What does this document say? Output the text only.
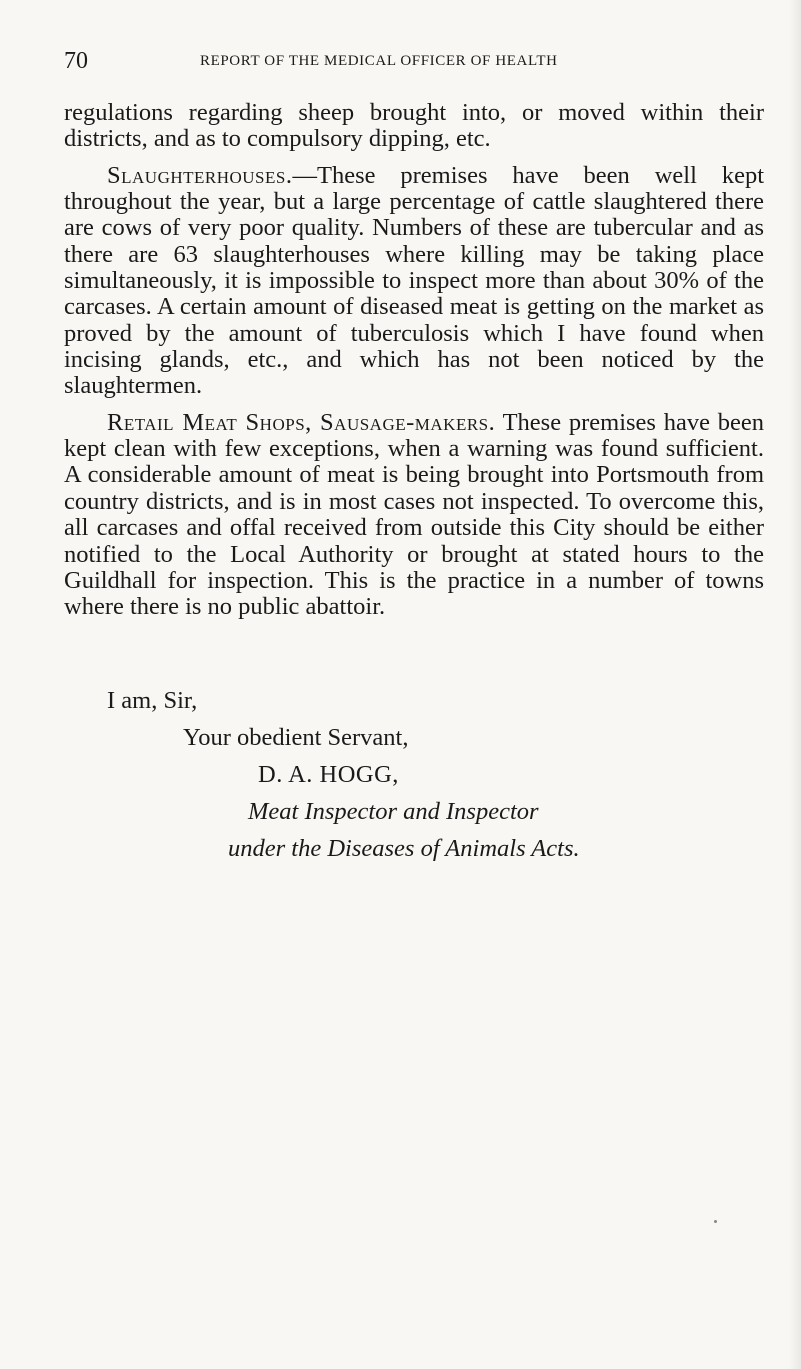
70	REPORT OF THE MEDICAL OFFICER OF HEALTH

regulations regarding sheep brought into, or moved within their districts, and as to compulsory dipping, etc.

Slaughterhouses.—These premises have been well kept throughout the year, but a large percentage of cattle slaughtered there are cows of very poor quality. Numbers of these are tubercular and as there are 63 slaughterhouses where killing may be taking place simultaneously, it is impossible to inspect more than about 30% of the carcases. A certain amount of diseased meat is getting on the market as proved by the amount of tuberculosis which I have found when incising glands, etc., and which has not been noticed by the slaughtermen.

Retail Meat Shops, Sausage-makers. These premises have been kept clean with few exceptions, when a warning was found sufficient. A considerable amount of meat is being brought into Portsmouth from country districts, and is in most cases not inspected. To overcome this, all carcases and offal received from outside this City should be either notified to the Local Authority or brought at stated hours to the Guildhall for inspection. This is the practice in a number of towns where there is no public abattoir.

I am, Sir,

Your obedient Servant,

D. A. HOGG,

Meat Inspector and Inspector

under the Diseases of Animals Acts.
